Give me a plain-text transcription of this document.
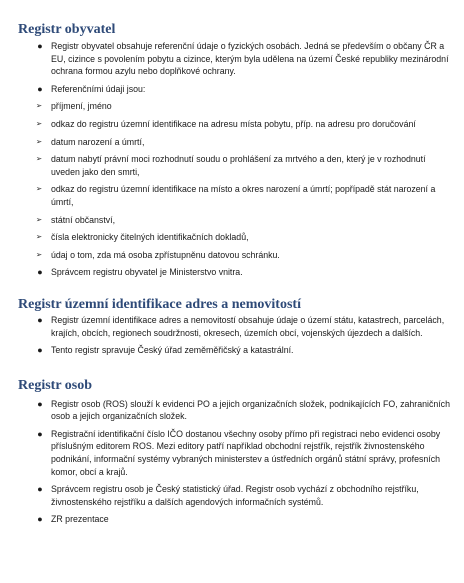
Registr obyvatel
● Registr obyvatel obsahuje referenční údaje o fyzických osobách. Jedná se především o občany ČR a EU, cizince s povolením pobytu a cizince, kterým byla udělena na území České republiky mezinárodní ochrana formou azylu nebo doplňkové ochrany.
● Referenčními údaji jsou:
➢	příjmení, jméno
➢	odkaz do registru územní identifikace na adresu místa pobytu, příp. na adresu pro doručování
➢	datum narození a úmrtí,
➢	datum nabytí právní moci rozhodnutí soudu o prohlášení za mrtvého a den, který je v rozhodnutí uveden jako den smrti,
➢	odkaz do registru územní identifikace na místo a okres narození a úmrtí; popřípadě stát narození a úmrtí,
➢	státní občanství,
➢	čísla elektronicky čitelných identifikačních dokladů,
➢	údaj o tom, zda má osoba zpřístupněnu datovou schránku.
● Správcem registru obyvatel je Ministerstvo vnitra.
Registr územní identifikace adres a nemovitostí
● Registr územní identifikace adres a nemovitostí obsahuje údaje o území státu, katastrech, parcelách, krajích, obcích, regionech soudržnosti, okresech, územích obcí, vojenských újezdech a dalších.
● Tento registr spravuje Český úřad zeměměřičský a katastrální.
Registr osob
● Registr osob (ROS) slouží k evidenci PO a jejich organizačních složek, podnikajících FO, zahraničních osob a jejich organizačních složek.
● Registrační identifikační číslo IČO dostanou všechny osoby přímo při registraci nebo evidenci osoby příslušným editorem ROS. Mezi editory patří například obchodní rejstřík, rejstřík živnostenského podnikání, informační systémy vybraných ministerstev a ústředních orgánů státní správy, profesních komor, obcí a krajů.
● Správcem registru osob je Český statistický úřad. Registr osob vychází z obchodního rejstříku, živnostenského rejstříku a dalších agendových informačních systémů.
● ZR prezentace
